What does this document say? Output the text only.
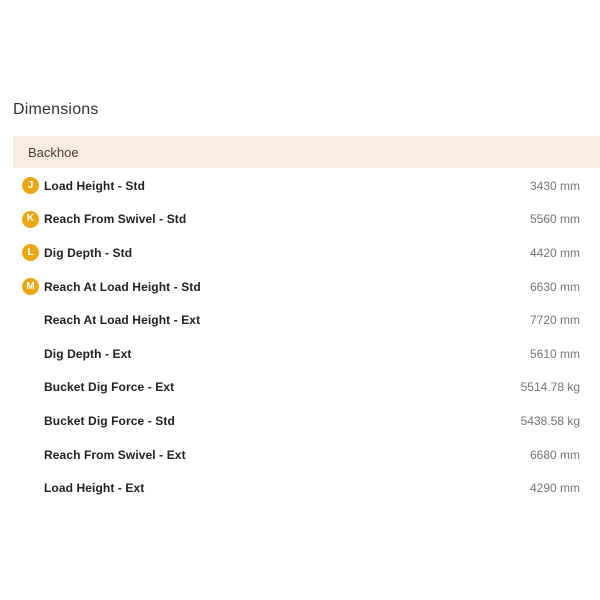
Dimensions
Backhoe
J Load Height - Std	3430 mm
K Reach From Swivel - Std	5560 mm
L Dig Depth - Std	4420 mm
M Reach At Load Height - Std	6630 mm
Reach At Load Height - Ext	7720 mm
Dig Depth - Ext	5610 mm
Bucket Dig Force - Ext	5514.78 kg
Bucket Dig Force - Std	5438.58 kg
Reach From Swivel - Ext	6680 mm
Load Height - Ext	4290 mm
